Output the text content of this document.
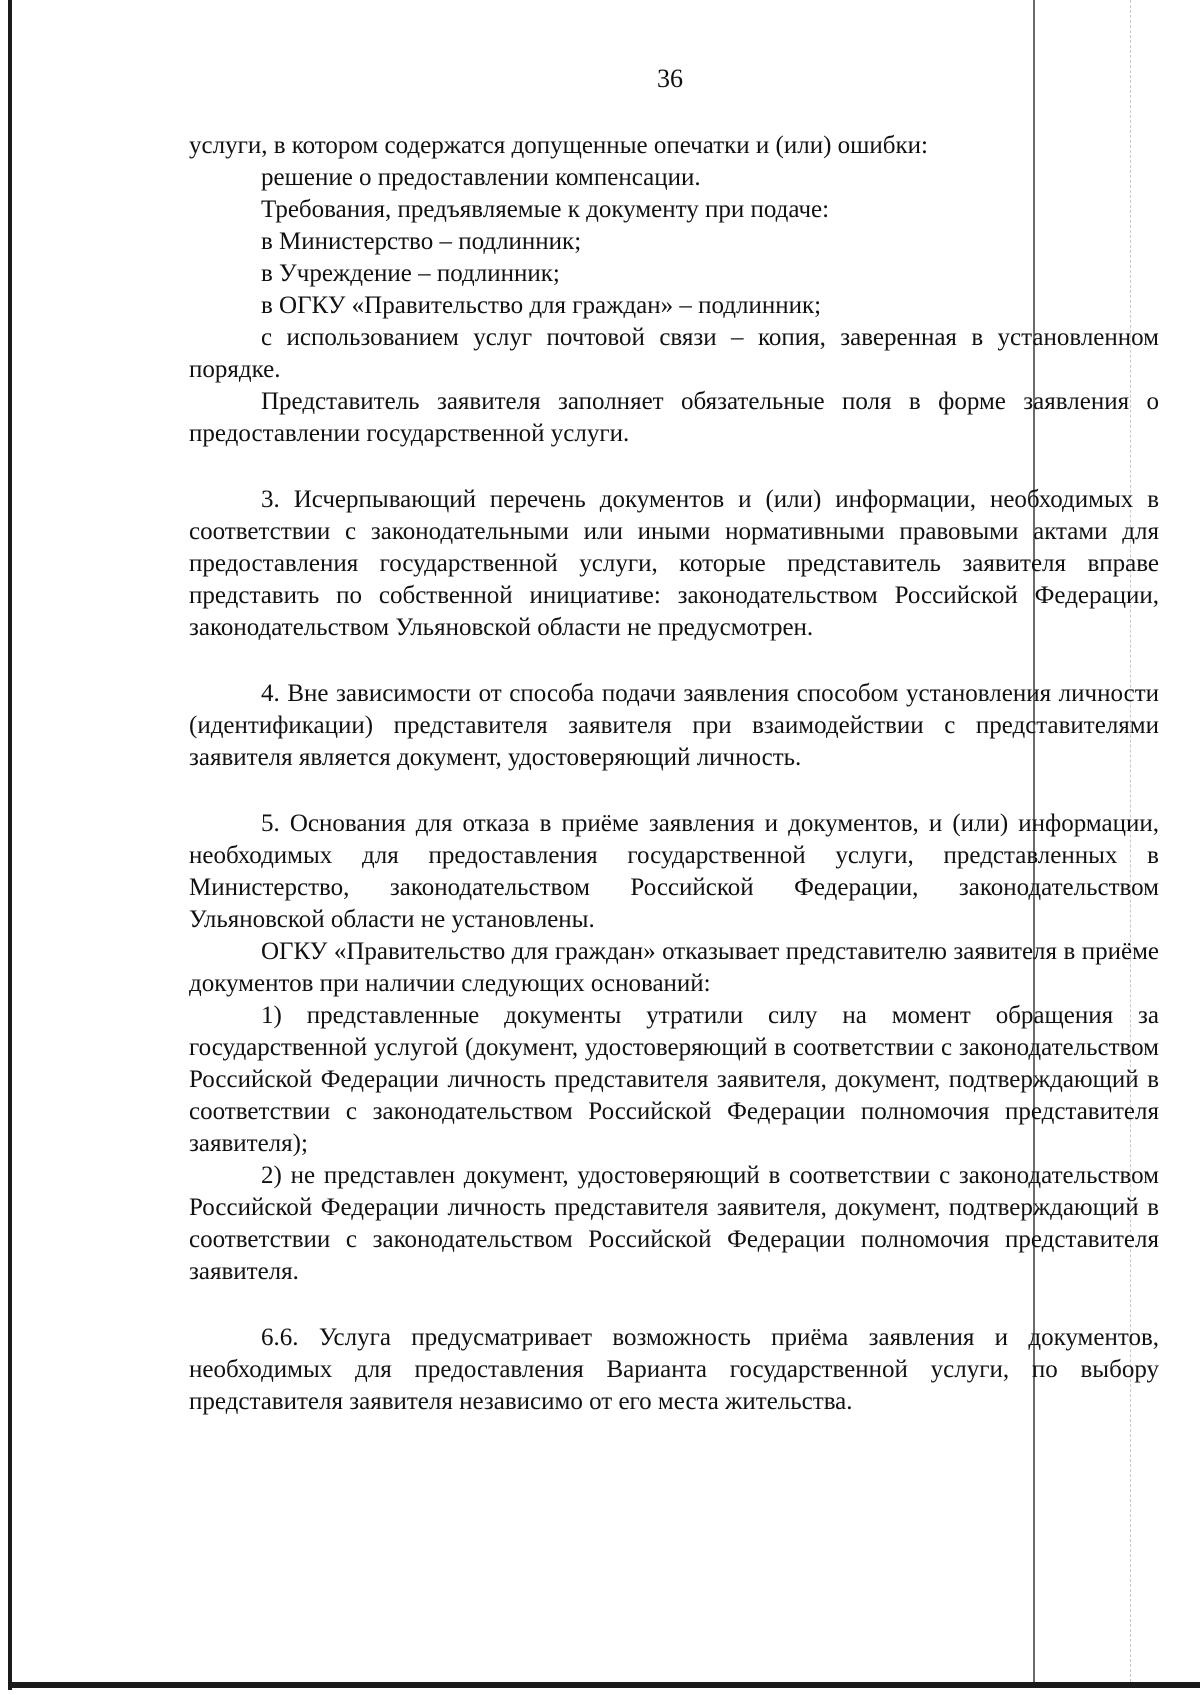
36

услуги, в котором содержатся допущенные опечатки и (или) ошибки:

решение о предоставлении компенсации.

Требования, предъявляемые к документу при подаче:

в Министерство – подлинник;

в Учреждение – подлинник;

в ОГКУ «Правительство для граждан» – подлинник;

с использованием услуг почтовой связи – копия, заверенная в установленном порядке.

Представитель заявителя заполняет обязательные поля в форме заявления о предоставлении государственной услуги.

3. Исчерпывающий перечень документов и (или) информации, необходимых в соответствии с законодательными или иными нормативными правовыми актами для предоставления государственной услуги, которые представитель заявителя вправе представить по собственной инициативе: законодательством Российской Федерации, законодательством Ульяновской области не предусмотрен.

4. Вне зависимости от способа подачи заявления способом установления личности (идентификации) представителя заявителя при взаимодействии с представителями заявителя является документ, удостоверяющий личность.

5. Основания для отказа в приёме заявления и документов, и (или) информации, необходимых для предоставления государственной услуги, представленных в Министерство, законодательством Российской Федерации, законодательством Ульяновской области не установлены.

ОГКУ «Правительство для граждан» отказывает представителю заявителя в приёме документов при наличии следующих оснований:

1) представленные документы утратили силу на момент обращения за государственной услугой (документ, удостоверяющий в соответствии с законодательством Российской Федерации личность представителя заявителя, документ, подтверждающий в соответствии с законодательством Российской Федерации полномочия представителя заявителя);

2) не представлен документ, удостоверяющий в соответствии с законодательством Российской Федерации личность представителя заявителя, документ, подтверждающий в соответствии с законодательством Российской Федерации полномочия представителя заявителя.

6.6. Услуга предусматривает возможность приёма заявления и документов, необходимых для предоставления Варианта государственной услуги, по выбору представителя заявителя независимо от его места жительства.
